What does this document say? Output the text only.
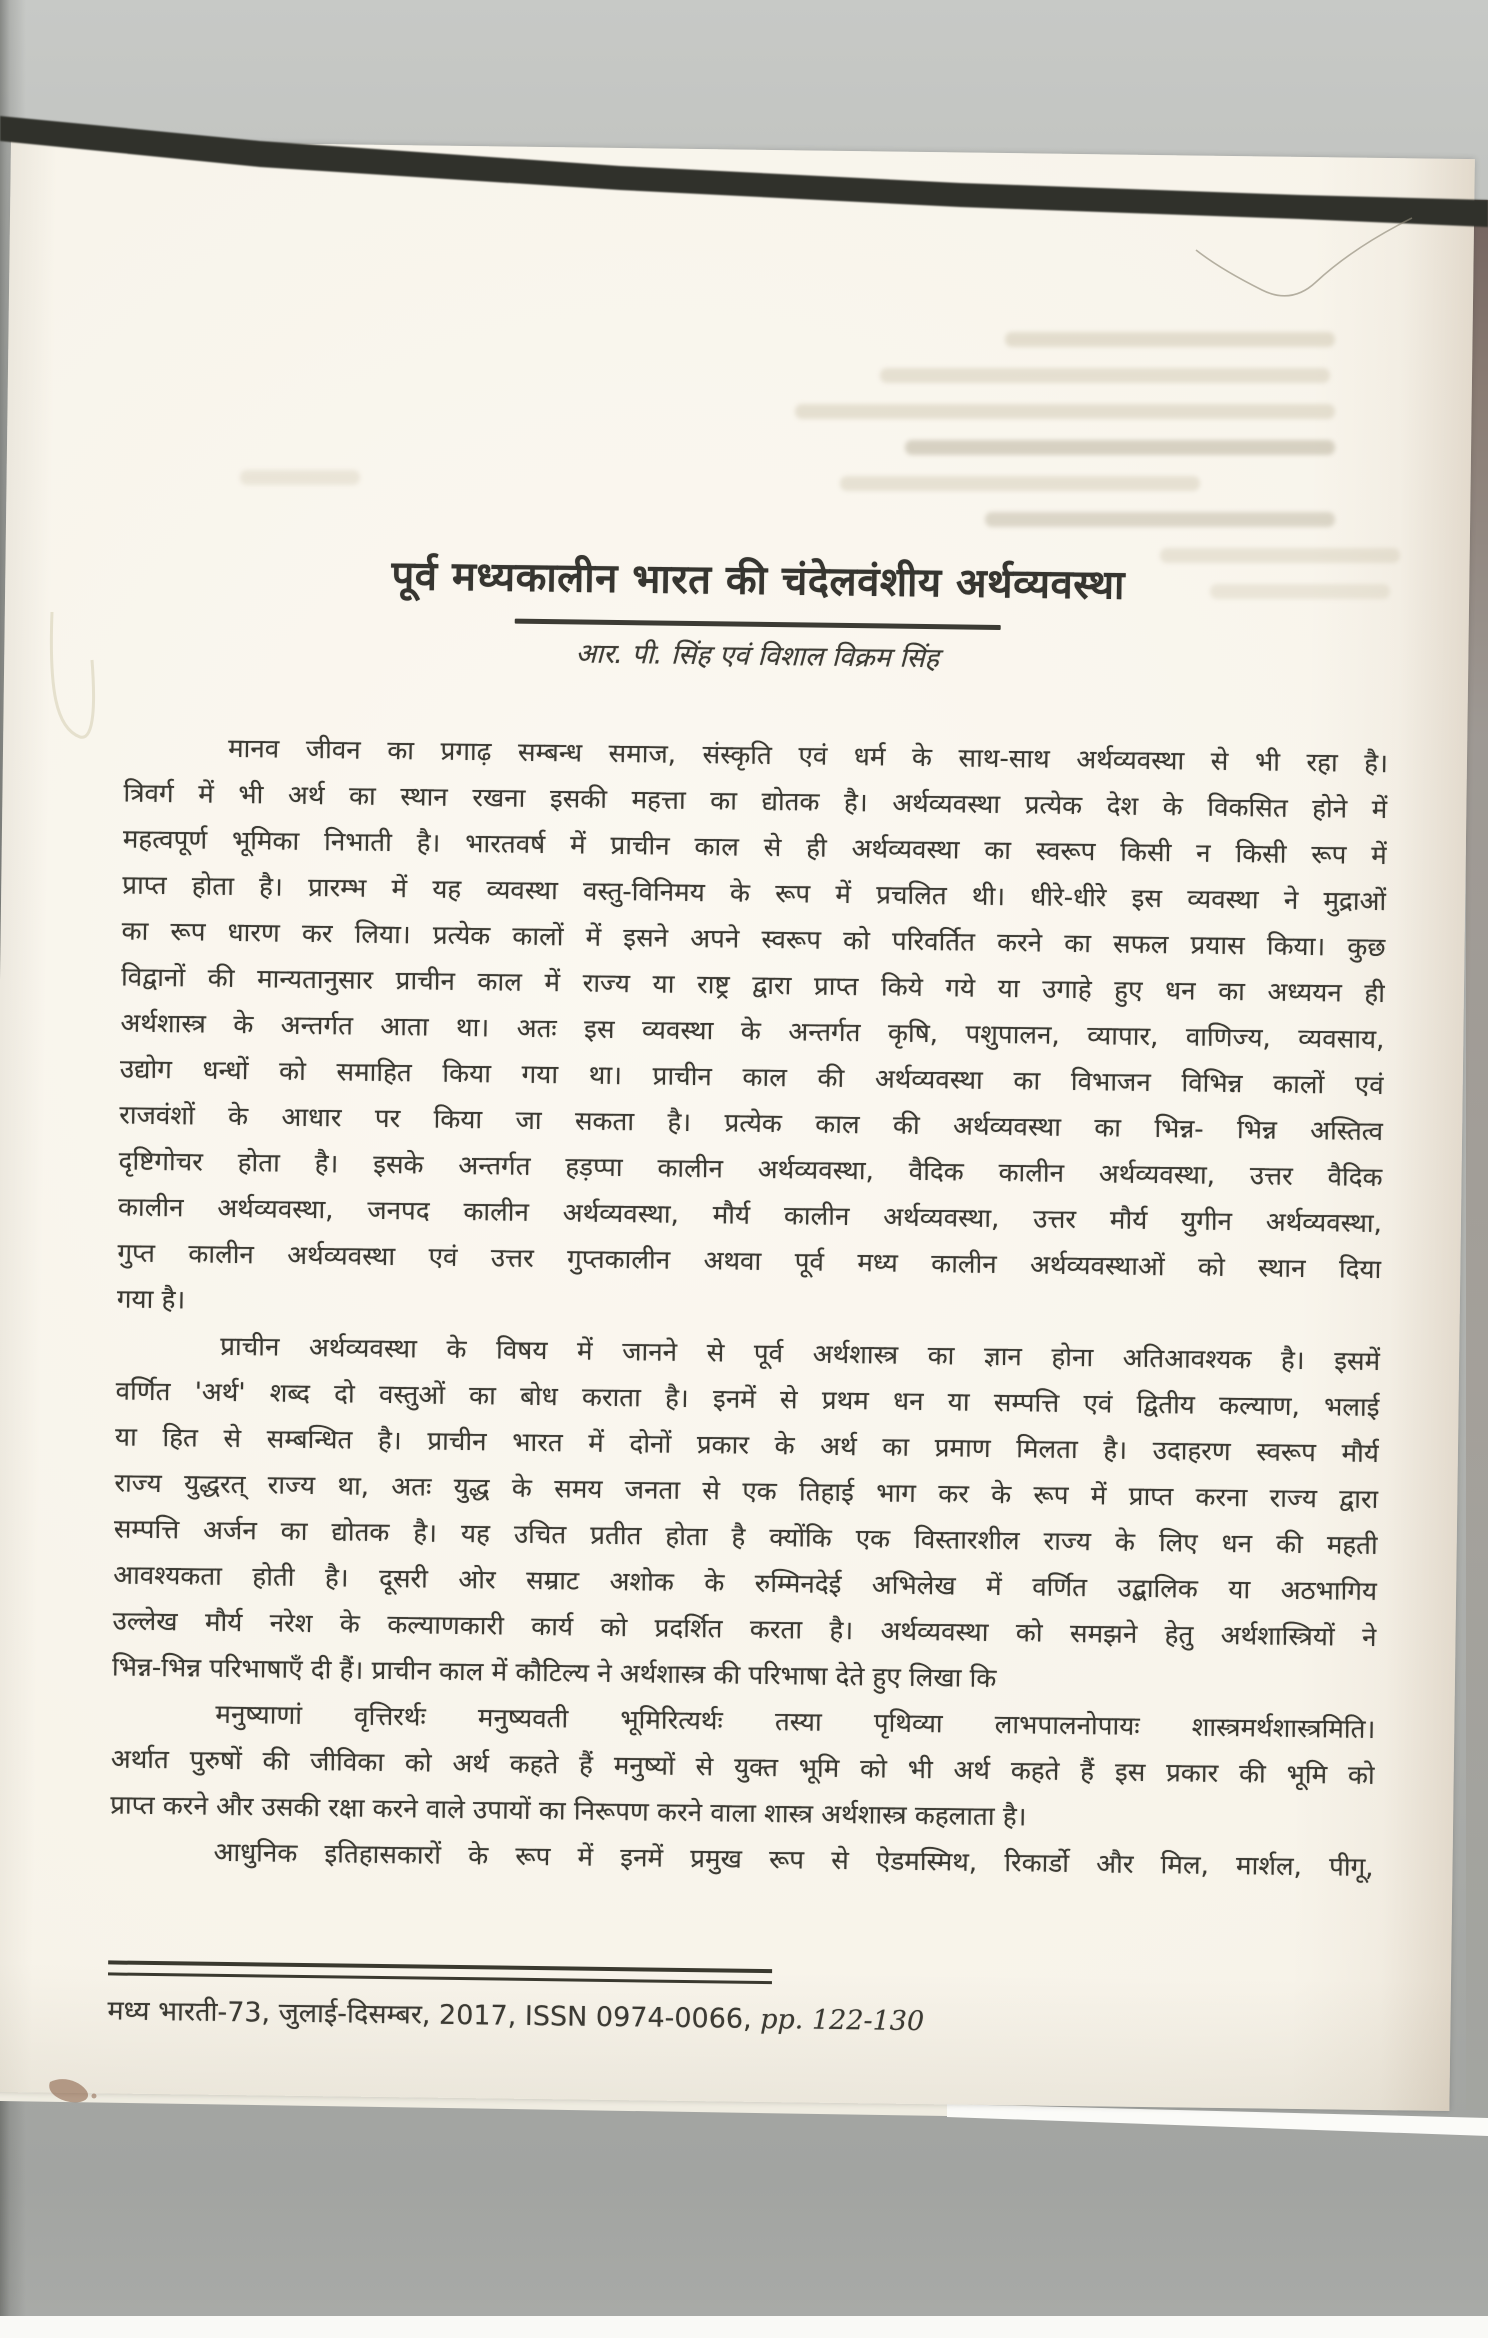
पूर्व मध्यकालीन भारत की चंदेलवंशीय अर्थव्यवस्था
आर. पी. सिंह एवं विशाल विक्रम सिंह
मानव जीवन का प्रगाढ़ सम्बन्ध समाज, संस्कृति एवं धर्म के साथ-साथ अर्थव्यवस्था से भी रहा है।
त्रिवर्ग में भी अर्थ का स्थान रखना इसकी महत्ता का द्योतक है। अर्थव्यवस्था प्रत्येक देश के विकसित होने में
महत्वपूर्ण भूमिका निभाती है। भारतवर्ष में प्राचीन काल से ही अर्थव्यवस्था का स्वरूप किसी न किसी रूप में
प्राप्त होता है। प्रारम्भ में यह व्यवस्था वस्तु-विनिमय के रूप में प्रचलित थी। धीरे-धीरे इस व्यवस्था ने मुद्राओं
का रूप धारण कर लिया। प्रत्येक कालों में इसने अपने स्वरूप को परिवर्तित करने का सफल प्रयास किया। कुछ
विद्वानों की मान्यतानुसार प्राचीन काल में राज्य या राष्ट्र द्वारा प्राप्त किये गये या उगाहे हुए धन का अध्ययन ही
अर्थशास्त्र के अन्तर्गत आता था। अतः इस व्यवस्था के अन्तर्गत कृषि, पशुपालन, व्यापार, वाणिज्य, व्यवसाय,
उद्योग धन्धों को समाहित किया गया था। प्राचीन काल की अर्थव्यवस्था का विभाजन विभिन्न कालों एवं
राजवंशों के आधार पर किया जा सकता है। प्रत्येक काल की अर्थव्यवस्था का भिन्न- भिन्न अस्तित्व
दृष्टिगोचर होता है। इसके अन्तर्गत हड़प्पा कालीन अर्थव्यवस्था, वैदिक कालीन अर्थव्यवस्था, उत्तर वैदिक
कालीन अर्थव्यवस्था, जनपद कालीन अर्थव्यवस्था, मौर्य कालीन अर्थव्यवस्था, उत्तर मौर्य युगीन अर्थव्यवस्था,
गुप्त कालीन अर्थव्यवस्था एवं उत्तर गुप्तकालीन अथवा पूर्व मध्य कालीन अर्थव्यवस्थाओं को स्थान दिया
गया है।
प्राचीन अर्थव्यवस्था के विषय में जानने से पूर्व अर्थशास्त्र का ज्ञान होना अतिआवश्यक है। इसमें
वर्णित 'अर्थ' शब्द दो वस्तुओं का बोध कराता है। इनमें से प्रथम धन या सम्पत्ति एवं द्वितीय कल्याण, भलाई
या हित से सम्बन्धित है। प्राचीन भारत में दोनों प्रकार के अर्थ का प्रमाण मिलता है। उदाहरण स्वरूप मौर्य
राज्य युद्धरत् राज्य था, अतः युद्ध के समय जनता से एक तिहाई भाग कर के रूप में प्राप्त करना राज्य द्वारा
सम्पत्ति अर्जन का द्योतक है। यह उचित प्रतीत होता है क्योंकि एक विस्तारशील राज्य के लिए धन की महती
आवश्यकता होती है। दूसरी ओर सम्राट अशोक के रुम्मिनदेई अभिलेख में वर्णित उद्बालिक या अठभागिय
उल्लेख मौर्य नरेश के कल्याणकारी कार्य को प्रदर्शित करता है। अर्थव्यवस्था को समझने हेतु अर्थशास्त्रियों ने
भिन्न-भिन्न परिभाषाएँ दी हैं। प्राचीन काल में कौटिल्य ने अर्थशास्त्र की परिभाषा देते हुए लिखा कि
मनुष्याणां वृत्तिरर्थः मनुष्यवती भूमिरित्यर्थः तस्या पृथिव्या लाभपालनोपायः शास्त्रमर्थशास्त्रमिति।
अर्थात पुरुषों की जीविका को अर्थ कहते हैं मनुष्यों से युक्त भूमि को भी अर्थ कहते हैं इस प्रकार की भूमि को
प्राप्त करने और उसकी रक्षा करने वाले उपायों का निरूपण करने वाला शास्त्र अर्थशास्त्र कहलाता है।
आधुनिक इतिहासकारों के रूप में इनमें प्रमुख रूप से ऐडमस्मिथ, रिकार्डो और मिल, मार्शल, पीगू,
मध्य भारती-73, जुलाई-दिसम्बर, 2017, ISSN 0974-0066, pp. 122-130
